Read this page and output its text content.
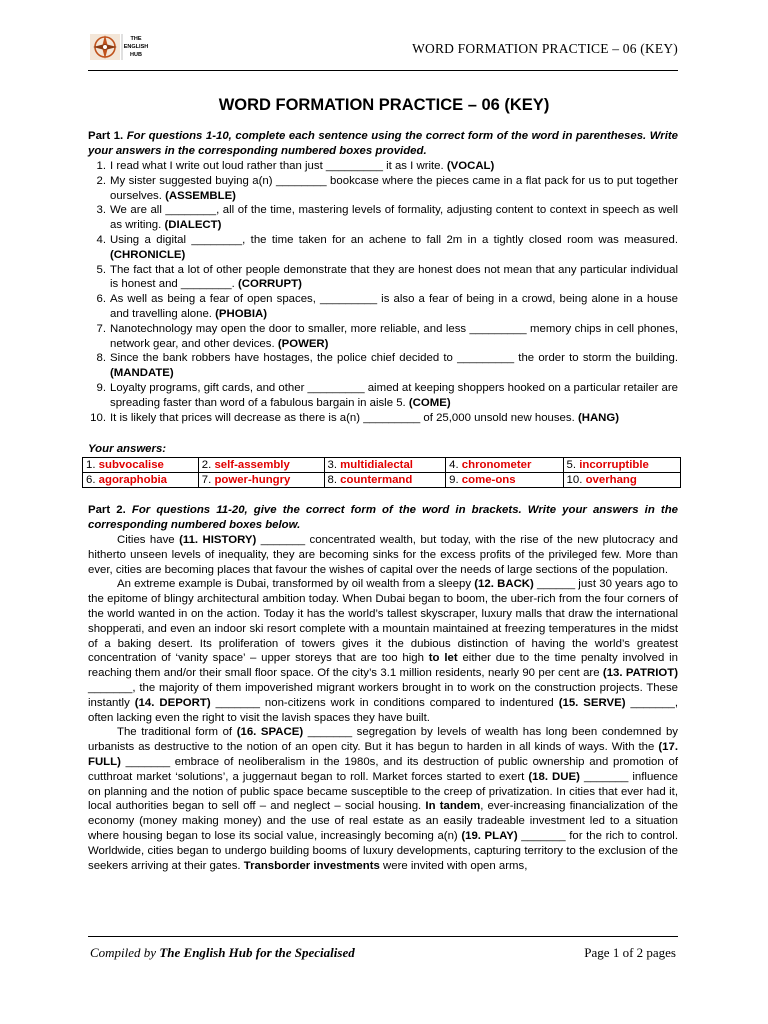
THE
ENGLISH
HUB	WORD FORMATION PRACTICE – 06 (KEY)
WORD FORMATION PRACTICE – 06 (KEY)
Part 1. For questions 1-10, complete each sentence using the correct form of the word in parentheses. Write your answers in the corresponding numbered boxes provided.
1. I read what I write out loud rather than just _________ it as I write. (VOCAL)
2. My sister suggested buying a(n) ________ bookcase where the pieces came in a flat pack for us to put together ourselves. (ASSEMBLE)
3. We are all ________, all of the time, mastering levels of formality, adjusting content to context in speech as well as writing. (DIALECT)
4. Using a digital ________, the time taken for an achene to fall 2m in a tightly closed room was measured. (CHRONICLE)
5. The fact that a lot of other people demonstrate that they are honest does not mean that any particular individual is honest and ________. (CORRUPT)
6. As well as being a fear of open spaces, _________ is also a fear of being in a crowd, being alone in a house and travelling alone. (PHOBIA)
7. Nanotechnology may open the door to smaller, more reliable, and less _________ memory chips in cell phones, network gear, and other devices. (POWER)
8. Since the bank robbers have hostages, the police chief decided to _________ the order to storm the building. (MANDATE)
9. Loyalty programs, gift cards, and other _________ aimed at keeping shoppers hooked on a particular retailer are spreading faster than word of a fabulous bargain in aisle 5. (COME)
10. It is likely that prices will decrease as there is a(n) _________ of 25,000 unsold new houses. (HANG)
Your answers:
1. subvocalise	2. self-assembly	3. multidialectal	4. chronometer	5. incorruptible
6. agoraphobia	7. power-hungry	8. countermand	9. come-ons	10. overhang
Part 2. For questions 11-20, give the correct form of the word in brackets. Write your answers in the corresponding numbered boxes below.

Cities have (11. HISTORY) _______ concentrated wealth, but today, with the rise of the new plutocracy and hitherto unseen levels of inequality, they are becoming sinks for the excess profits of the privileged few. More than ever, cities are becoming places that favour the wishes of capital over the needs of large sections of the population.

An extreme example is Dubai, transformed by oil wealth from a sleepy (12. BACK) ______ just 30 years ago to the epitome of blingy architectural ambition today. When Dubai began to boom, the uber-rich from the four corners of the world wanted in on the action. Today it has the world’s tallest skyscraper, luxury malls that draw the international shopperati, and even an indoor ski resort complete with a mountain maintained at freezing temperatures in the midst of a baking desert. Its proliferation of towers gives it the dubious distinction of having the world’s greatest concentration of ‘vanity space’ – upper storeys that are too high to let either due to the time penalty involved in reaching them and/or their small floor space. Of the city’s 3.1 million residents, nearly 90 per cent are (13. PATRIOT) _______, the majority of them impoverished migrant workers brought in to work on the construction projects. These instantly (14. DEPORT) _______ non-citizens work in conditions compared to indentured (15. SERVE) _______, often lacking even the right to visit the lavish spaces they have built.

The traditional form of (16. SPACE) _______ segregation by levels of wealth has long been condemned by urbanists as destructive to the notion of an open city. But it has begun to harden in all kinds of ways. With the (17. FULL) _______ embrace of neoliberalism in the 1980s, and its destruction of public ownership and promotion of cutthroat market ‘solutions’, a juggernaut began to roll. Market forces started to exert (18. DUE) _______ influence on planning and the notion of public space became susceptible to the creep of privatization. In cities that ever had it, local authorities began to sell off – and neglect – social housing. In tandem, ever-increasing financialization of the economy (money making money) and the use of real estate as an easily tradeable investment led to a situation where housing began to lose its social value, increasingly becoming a(n) (19. PLAY) _______ for the rich to control. Worldwide, cities began to undergo building booms of luxury developments, capturing territory to the exclusion of the seekers arriving at their gates. Transborder investments were invited with open arms,

Compiled by The English Hub for the Specialised	Page 1 of 2 pages
